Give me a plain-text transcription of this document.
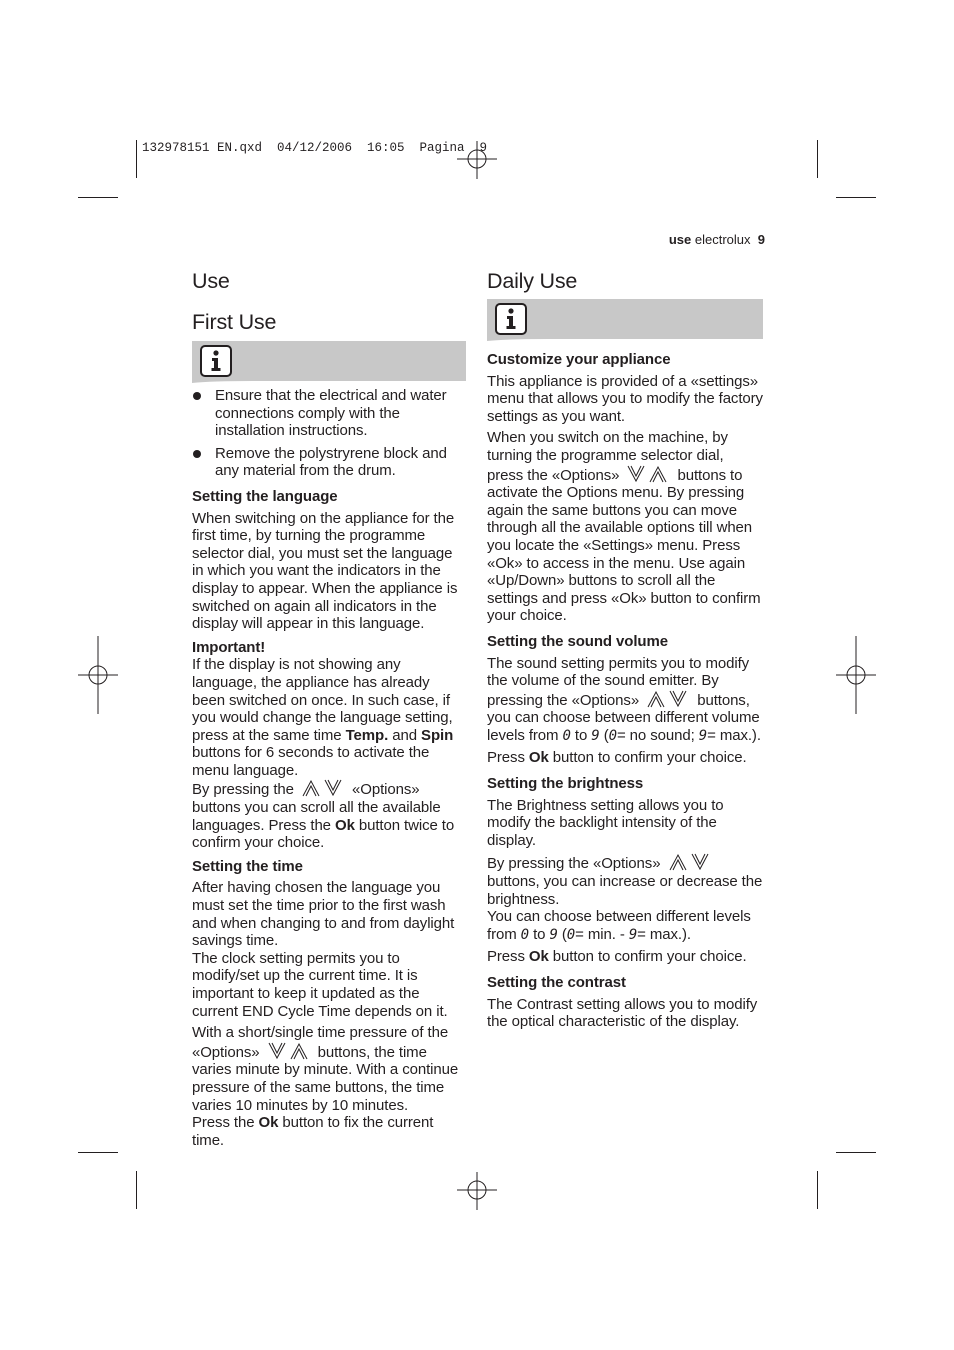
132978151 EN.qxd  04/12/2006  16:05  Pagina  9
use electrolux 9
Use
First Use
Ensure that the electrical and water connections comply with the installation instructions.
Remove the polystryrene block and any material from the drum.

Setting the language

When switching on the appliance for the first time, by turning the programme selector dial, you must set the language in which you want the indicators in the display to appear. When the appliance is switched on again all indicators in the display will appear in this language.

Important!

If the display is not showing any language, the appliance has already been switched on once. In such case, if you would change the language setting, press at the same time Temp. and Spin buttons for 6 seconds to activate the menu language.
By pressing the	«Options» buttons you can scroll all the available languages. Press the Ok button twice to confirm your choice.

Setting the time

After having chosen the language you must set the time prior to the first wash and when changing to and from daylight savings time.
The clock setting permits you to modify/set up the current time. It is important to keep it updated as the current END Cycle Time depends on it.

With a short/single time pressure of the «Options»	buttons, the time varies minute by minute. With a continue pressure of the same buttons, the time varies 10 minutes by 10 minutes.
Press the Ok button to fix the current time.

Daily Use

Customize your appliance

This appliance is provided of a «settings» menu that allows you to modify the factory settings as you want.

When you switch on the machine, by turning the programme selector dial, press the «Options»	buttons to activate the Options menu. By pressing again the same buttons you can move through all the available options till when you locate the «Settings» menu. Press «Ok» to access in the menu. Use again «Up/Down» buttons to scroll all the settings and press «Ok» button to confirm your choice.

Setting the sound volume

The sound setting permits you to modify the volume of the sound emitter. By pressing the «Options»	buttons, you can choose between different volume levels from 0 to 9 (0= no sound; 9= max.).

Press Ok button to confirm your choice.

Setting the brightness

The Brightness setting allows you to modify the backlight intensity of the display.

By pressing the «Options»  buttons, you can increase or decrease the brightness.
You can choose between different levels from 0 to 9 (0= min. - 9= max.).

Press Ok button to confirm your choice.

Setting the contrast

The Contrast setting allows you to modify the optical characteristic of the display.
